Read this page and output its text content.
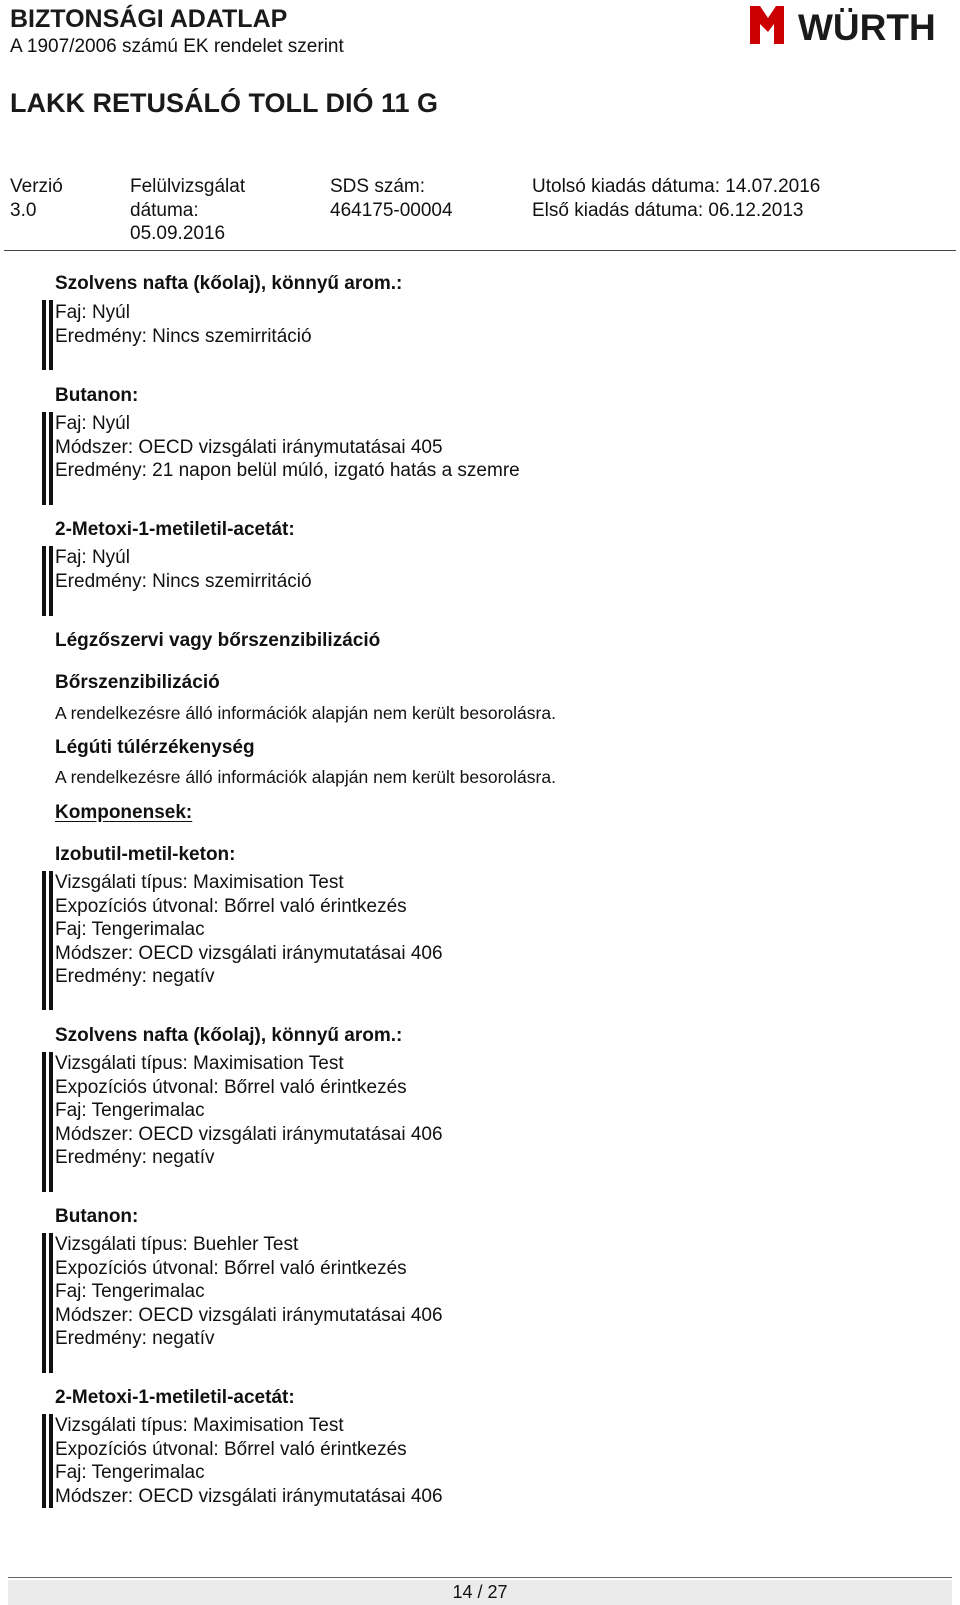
BIZTONSÁGI ADATLAP
A 1907/2006 számú EK rendelet szerint	WÜRTH
LAKK RETUSÁLÓ TOLL DIÓ 11 G
Verzió
3.0
Felülvizsgálat
dátuma:
05.09.2016
SDS szám:
464175-00004
Utolsó kiadás dátuma: 14.07.2016
Első kiadás dátuma: 06.12.2013
Szolvens nafta (kőolaj), könnyű arom.:
Faj: Nyúl
Eredmény: Nincs szemirritáció
Butanon:
Faj: Nyúl
Módszer: OECD vizsgálati iránymutatásai 405
Eredmény: 21 napon belül múló, izgató hatás a szemre
2-Metoxi-1-metiletil-acetát:
Faj: Nyúl
Eredmény: Nincs szemirritáció
Légzőszervi vagy bőrszenzibilizáció
Bőrszenzibilizáció
A rendelkezésre álló információk alapján nem került besorolásra.
Légúti túlérzékenység
A rendelkezésre álló információk alapján nem került besorolásra.
Komponensek:
Izobutil-metil-keton:
Vizsgálati típus: Maximisation Test
Expozíciós útvonal: Bőrrel való érintkezés
Faj: Tengerimalac
Módszer: OECD vizsgálati iránymutatásai 406
Eredmény: negatív
Szolvens nafta (kőolaj), könnyű arom.:
Vizsgálati típus: Maximisation Test
Expozíciós útvonal: Bőrrel való érintkezés
Faj: Tengerimalac
Módszer: OECD vizsgálati iránymutatásai 406
Eredmény: negatív
Butanon:
Vizsgálati típus: Buehler Test
Expozíciós útvonal: Bőrrel való érintkezés
Faj: Tengerimalac
Módszer: OECD vizsgálati iránymutatásai 406
Eredmény: negatív
2-Metoxi-1-metiletil-acetát:
Vizsgálati típus: Maximisation Test
Expozíciós útvonal: Bőrrel való érintkezés
Faj: Tengerimalac
Módszer: OECD vizsgálati iránymutatásai 406
14 / 27
